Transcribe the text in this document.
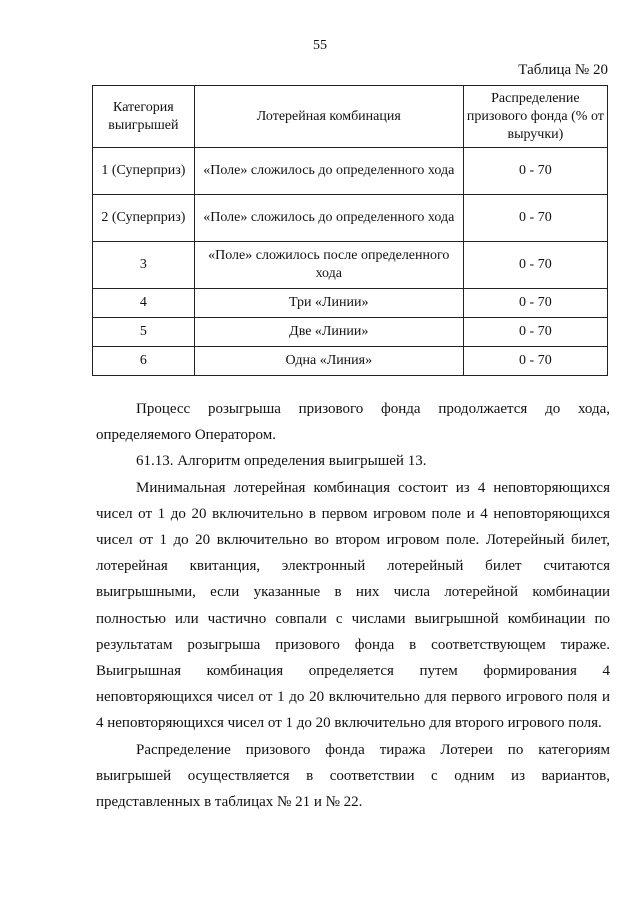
55
Таблица № 20
Категория выигрышей	Лотерейная комбинация	Распределение призового фонда (% от выручки)
1 (Суперприз)	«Поле» сложилось до определенного хода	0 - 70
2 (Суперприз)	«Поле» сложилось до определенного хода	0 - 70
3	«Поле» сложилось после определенного хода	0 - 70
4	Три «Линии»	0 - 70
5	Две «Линии»	0 - 70
6	Одна «Линия»	0 - 70

Процесс розыгрыша призового фонда продолжается до хода, определяемого Оператором.

61.13. Алгоритм определения выигрышей 13.

Минимальная лотерейная комбинация состоит из 4 неповторяющихся чисел от 1 до 20 включительно в первом игровом поле и 4 неповторяющихся чисел от 1 до 20 включительно во втором игровом поле. Лотерейный билет, лотерейная квитанция, электронный лотерейный билет считаются выигрышными, если указанные в них числа лотерейной комбинации полностью или частично совпали с числами выигрышной комбинации по результатам розыгрыша призового фонда в соответствующем тираже. Выигрышная комбинация определяется путем формирования 4 неповторяющихся чисел от 1 до 20 включительно для первого игрового поля и 4 неповторяющихся чисел от 1 до 20 включительно для второго игрового поля.

Распределение призового фонда тиража Лотереи по категориям выигрышей осуществляется в соответствии с одним из вариантов, представленных в таблицах № 21 и № 22.
